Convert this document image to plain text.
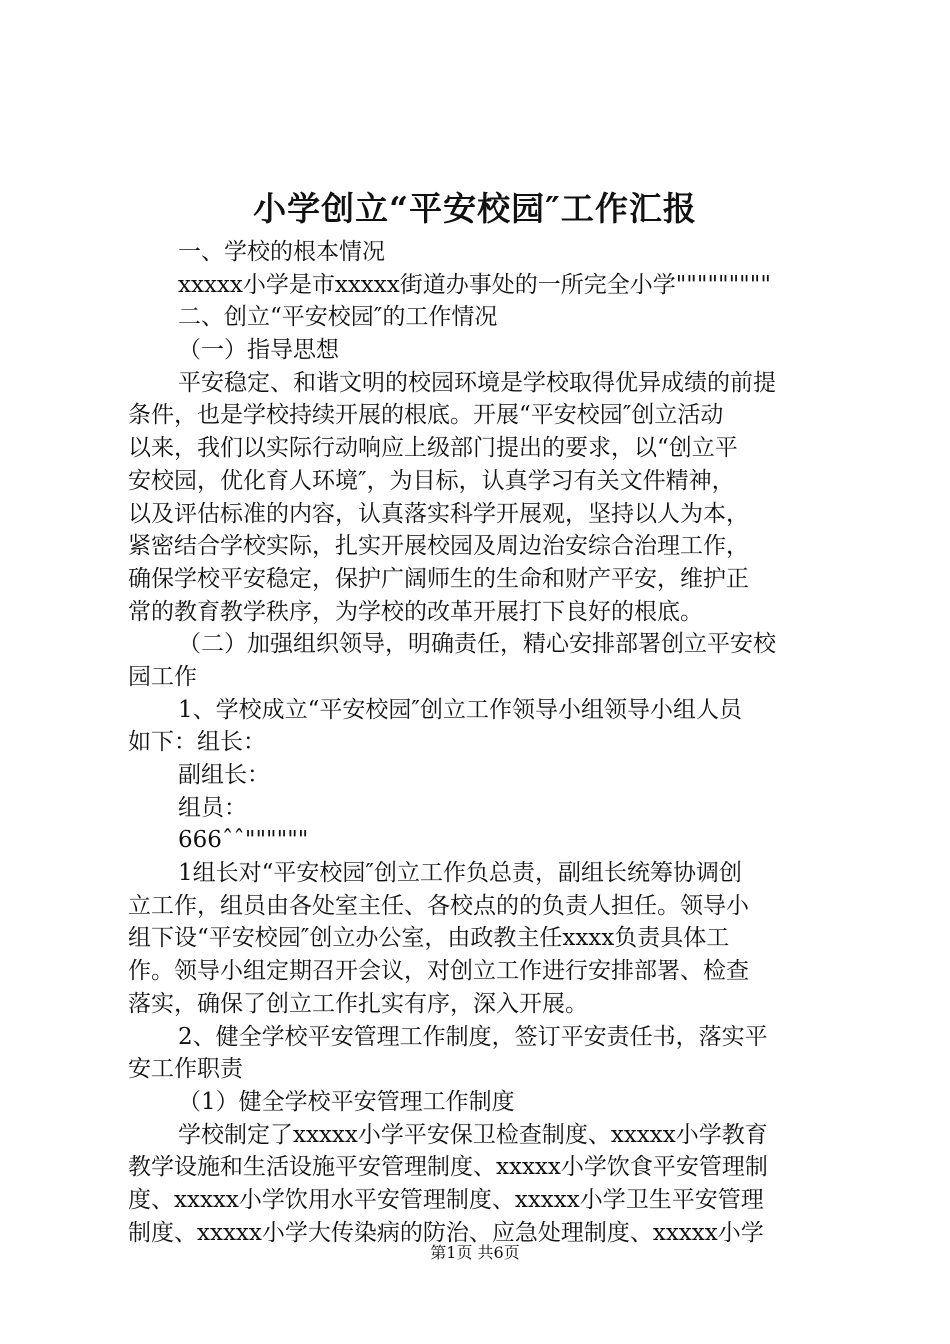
小学创立“平安校园″工作汇报
一、学校的根本情况
xxxxx小学是市xxxxx街道办事处的一所完全小学"""""""""
二、创立“平安校园″的工作情况
（一）指导思想
平安稳定、和谐文明的校园环境是学校取得优异成绩的前提
条件，也是学校持续开展的根底。开展“平安校园″创立活动
以来，我们以实际行动响应上级部门提出的要求，以“创立平
安校园，优化育人环境″，为目标，认真学习有关文件精神，
以及评估标准的内容，认真落实科学开展观，坚持以人为本，
紧密结合学校实际，扎实开展校园及周边治安综合治理工作，
确保学校平安稳定，保护广阔师生的生命和财产平安，维护正
常的教育教学秩序，为学校的改革开展打下良好的根底。
（二）加强组织领导，明确责任，精心安排部署创立平安校
园工作
1、学校成立“平安校园″创立工作领导小组领导小组人员
如下：组长：
副组长：
组员：
666ˆˆ""""""
1组长对“平安校园″创立工作负总责，副组长统筹协调创
立工作，组员由各处室主任、各校点的的负责人担任。领导小
组下设“平安校园″创立办公室，由政教主任xxxx负责具体工
作。领导小组定期召开会议，对创立工作进行安排部署、检查
落实，确保了创立工作扎实有序，深入开展。
2、健全学校平安管理工作制度，签订平安责任书，落实平
安工作职责
（1）健全学校平安管理工作制度
学校制定了xxxxx小学平安保卫检查制度、xxxxx小学教育
教学设施和生活设施平安管理制度、xxxxx小学饮食平安管理制
度、xxxxx小学饮用水平安管理制度、xxxxx小学卫生平安管理
制度、xxxxx小学大传染病的防治、应急处理制度、xxxxx小学
第1页 共6页
